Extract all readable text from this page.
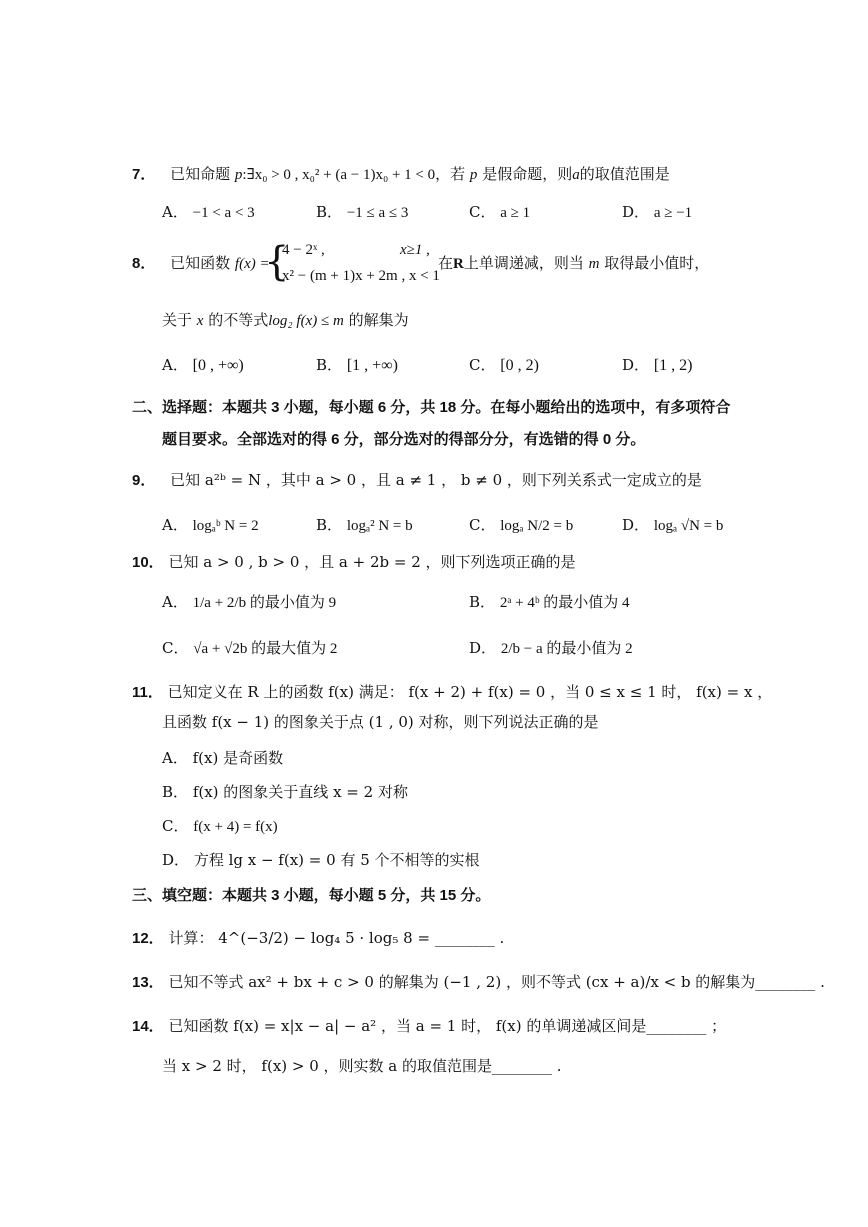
7． 已知命题 p:∃x₀ > 0 , x₀² + (a − 1)x₀ + 1 < 0，若 p 是假命题，则a的取值范围是
A． −1 < a < 3	B． −1 ≤ a ≤ 3	C． a ≥ 1	D． a ≥ −1
8． 已知函数 f(x) =
{
4 − 2ˣ ,	x≥1 ,
x² − (m + 1)x + 2m , x < 1
在R上单调递减，则当 m 取得最小值时，
关于 x 的不等式log₂ f(x) ≤ m 的解集为
A． [0 , +∞)	B． [1 , +∞)	C． [0 , 2)	D． [1 , 2)
二、选择题：本题共 3 小题，每小题 6 分，共 18 分。在每小题给出的选项中，有多项符合
题目要求。全部选对的得 6 分，部分选对的得部分分，有选错的得 0 分。
9． 已知 a²ᵇ = N ，其中 a > 0 ，且 a ≠ 1 ， b ≠ 0 ，则下列关系式一定成立的是
A． logₐᵇ N = 2	B． logₐ² N = b	C． logₐ N/2 = b	D． logₐ √N = b
10． 已知 a > 0 , b > 0 ，且 a + 2b = 2 ，则下列选项正确的是
A． 1/a + 2/b 的最小值为 9	B． 2ᵃ + 4ᵇ 的最小值为 4
C． √a + √2b 的最大值为 2	D． 2/b − a 的最小值为 2
11． 已知定义在 R 上的函数 f(x) 满足： f(x + 2) + f(x) = 0 ，当 0 ≤ x ≤ 1 时， f(x) = x ，
且函数 f(x − 1) 的图象关于点 (1 , 0) 对称，则下列说法正确的是
A． f(x) 是奇函数
B． f(x) 的图象关于直线 x = 2 对称
C． f(x + 4) = f(x)
D． 方程 lg x − f(x) = 0 有 5 个不相等的实根
三、填空题：本题共 3 小题，每小题 5 分，共 15 分。
12． 计算： 4^(−3/2) − log₄ 5 · log₅ 8 = ________ .
13． 已知不等式 ax² + bx + c > 0 的解集为 (−1 , 2) ，则不等式 (cx + a)/x < b 的解集为________ .
14． 已知函数 f(x) = x|x − a| − a² ，当 a = 1 时， f(x) 的单调递减区间是________ ；
当 x > 2 时， f(x) > 0 ，则实数 a 的取值范围是________ .
